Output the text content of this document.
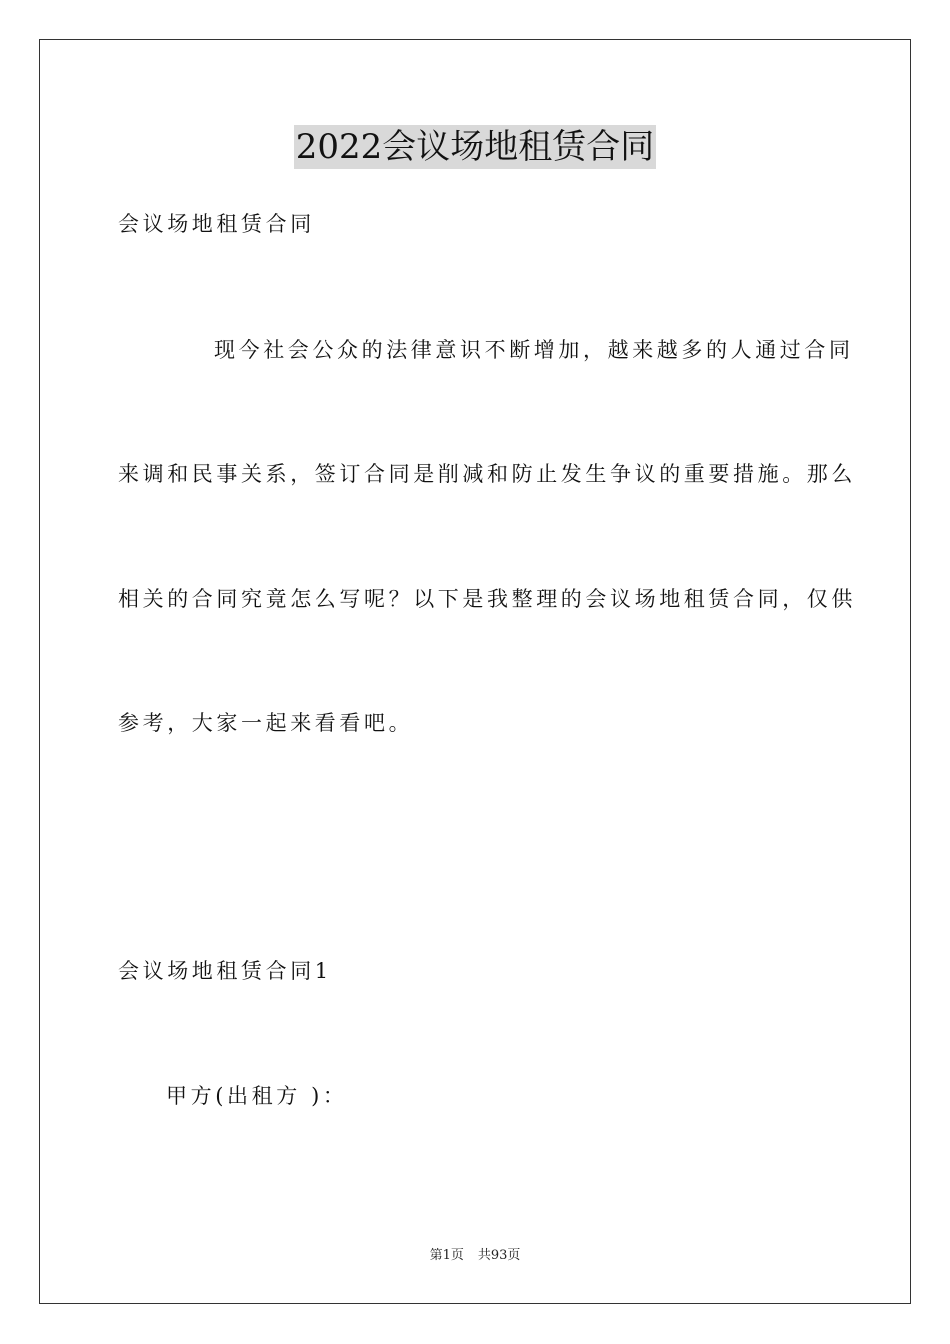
2022会议场地租赁合同
会议场地租赁合同
现今社会公众的法律意识不断增加，越来越多的人通过合同
来调和民事关系，签订合同是削减和防止发生争议的重要措施。那么
相关的合同究竟怎么写呢？以下是我整理的会议场地租赁合同，仅供
参考，大家一起来看看吧。
会议场地租赁合同1
甲方(出租方 )：
第1页 共93页
